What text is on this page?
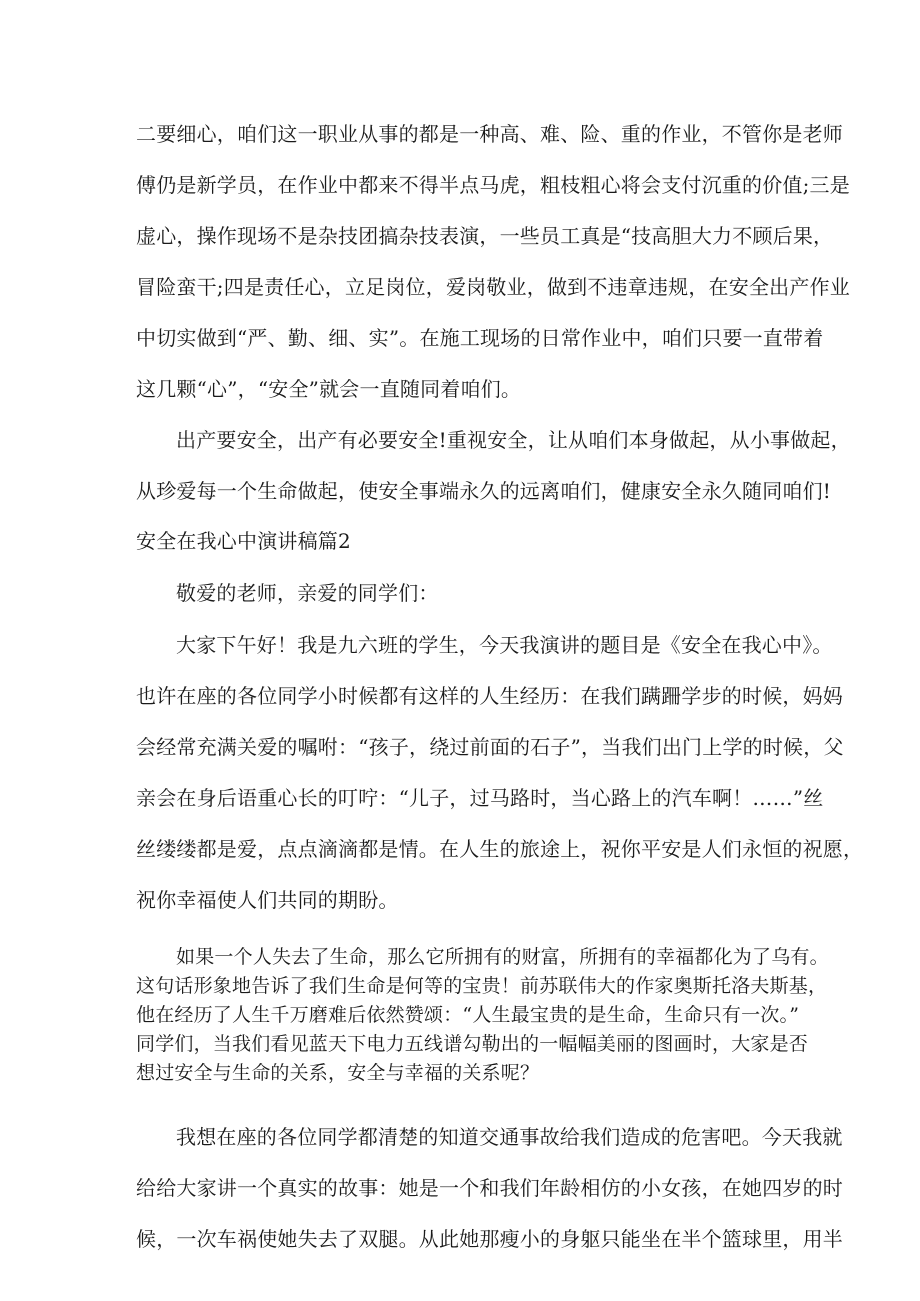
二要细心，咱们这一职业从事的都是一种高、难、险、重的作业，不管你是老师
傅仍是新学员，在作业中都来不得半点马虎，粗枝粗心将会支付沉重的价值;三是
虚心，操作现场不是杂技团搞杂技表演，一些员工真是“技高胆大力不顾后果，
冒险蛮干;四是责任心，立足岗位，爱岗敬业，做到不违章违规，在安全出产作业
中切实做到“严、勤、细、实”。在施工现场的日常作业中，咱们只要一直带着
这几颗“心”，“安全”就会一直随同着咱们。
出产要安全，出产有必要安全!重视安全，让从咱们本身做起，从小事做起，
从珍爱每一个生命做起，使安全事端永久的远离咱们，健康安全永久随同咱们!
安全在我心中演讲稿篇2
敬爱的老师，亲爱的同学们：
大家下午好！我是九六班的学生，今天我演讲的题目是《安全在我心中》。
也许在座的各位同学小时候都有这样的人生经历：在我们蹒跚学步的时候，妈妈
会经常充满关爱的嘱咐：“孩子，绕过前面的石子”，当我们出门上学的时候，父
亲会在身后语重心长的叮咛：“儿子，过马路时，当心路上的汽车啊！……”丝
丝缕缕都是爱，点点滴滴都是情。在人生的旅途上，祝你平安是人们永恒的祝愿，
祝你幸福使人们共同的期盼。
如果一个人失去了生命，那么它所拥有的财富，所拥有的幸福都化为了乌有。
这句话形象地告诉了我们生命是何等的宝贵！前苏联伟大的作家奥斯托洛夫斯基，
他在经历了人生千万磨难后依然赞颂：“人生最宝贵的是生命，生命只有一次。”
同学们，当我们看见蓝天下电力五线谱勾勒出的一幅幅美丽的图画时，大家是否
想过安全与生命的关系，安全与幸福的关系呢？
我想在座的各位同学都清楚的知道交通事故给我们造成的危害吧。今天我就
给给大家讲一个真实的故事：她是一个和我们年龄相仿的小女孩，在她四岁的时
候，一次车祸使她失去了双腿。从此她那瘦小的身躯只能坐在半个篮球里，用半
